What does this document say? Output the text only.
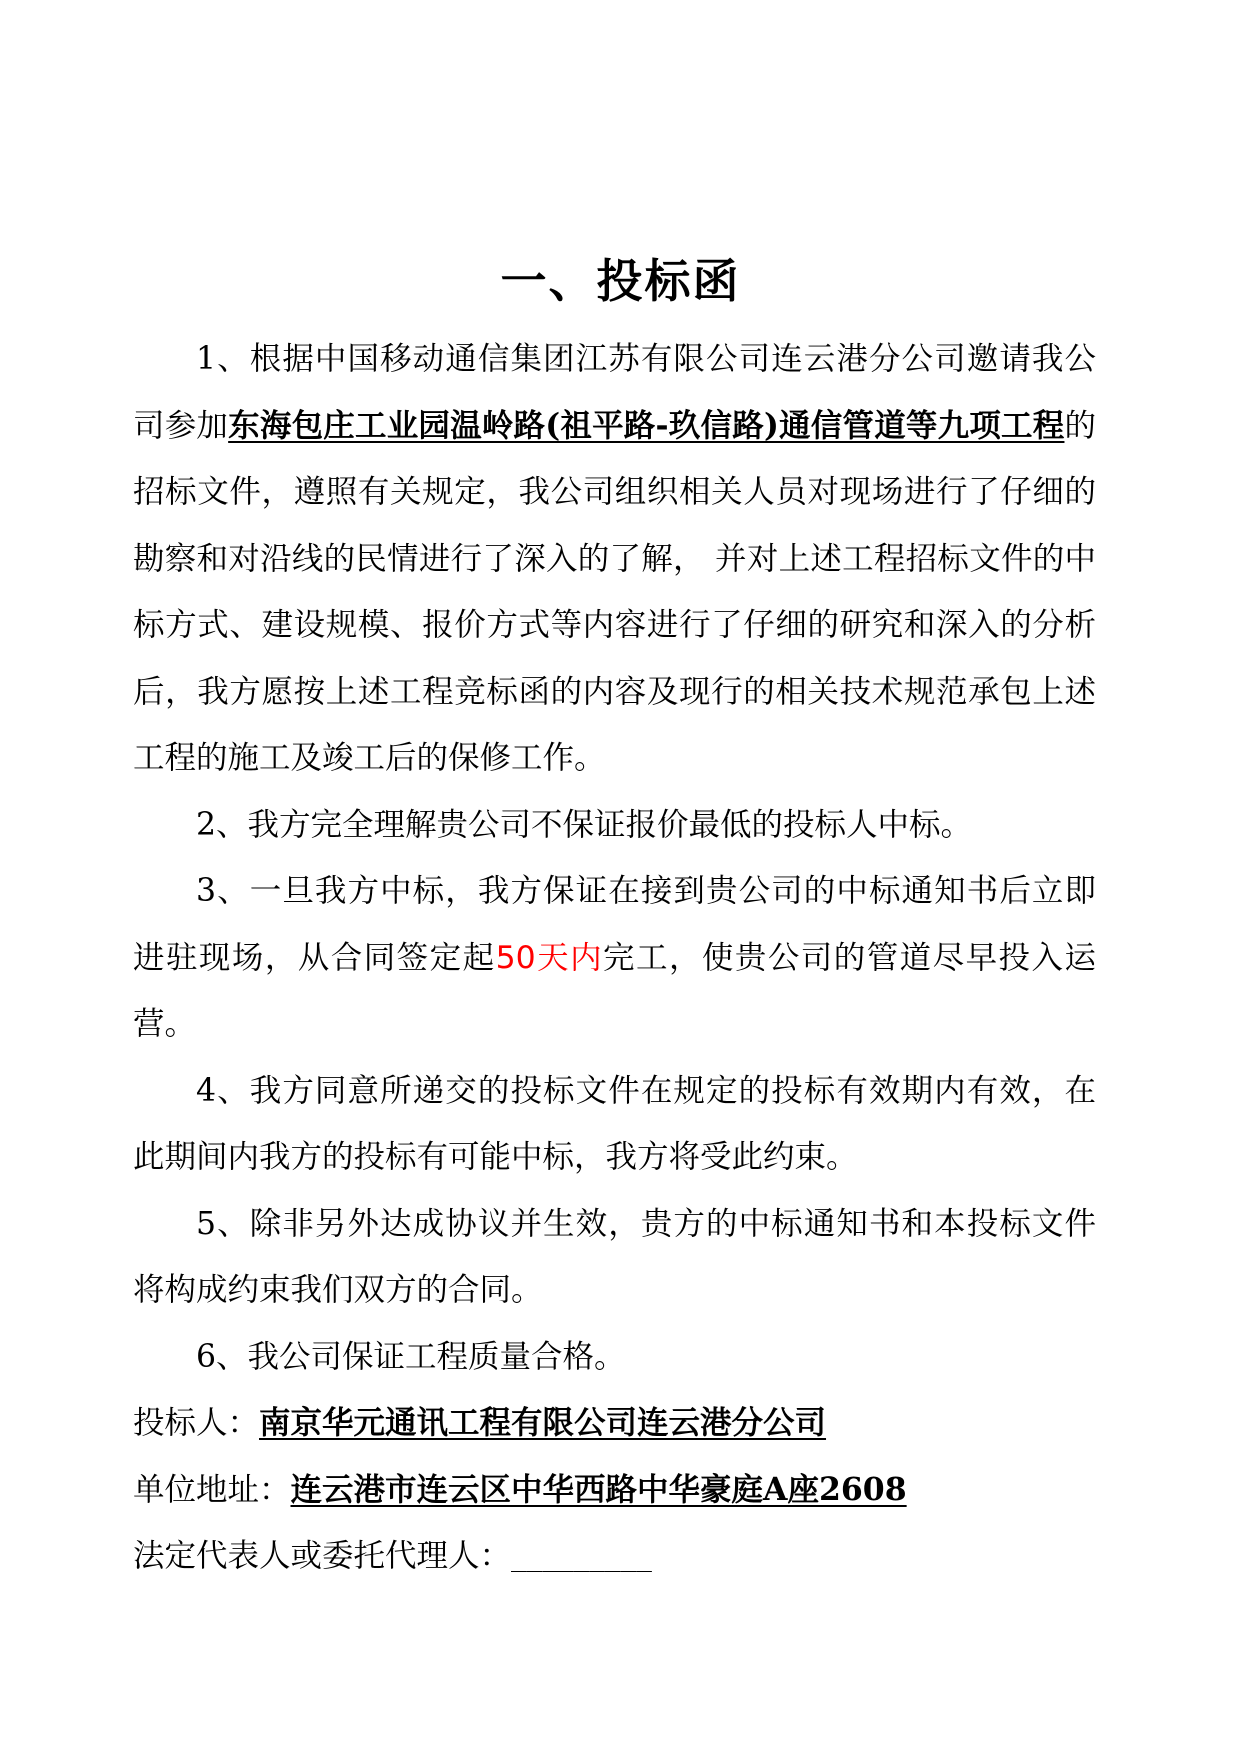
一、投标函

1、根据中国移动通信集团江苏有限公司连云港分公司邀请我公司参加东海包庄工业园温岭路(祖平路-玖信路)通信管道等九项工程的招标文件，遵照有关规定，我公司组织相关人员对现场进行了仔细的勘察和对沿线的民情进行了深入的了解， 并对上述工程招标文件的中标方式、建设规模、报价方式等内容进行了仔细的研究和深入的分析后，我方愿按上述工程竞标函的内容及现行的相关技术规范承包上述工程的施工及竣工后的保修工作。

2、我方完全理解贵公司不保证报价最低的投标人中标。

3、一旦我方中标，我方保证在接到贵公司的中标通知书后立即进驻现场，从合同签定起50天内完工，使贵公司的管道尽早投入运营。

4、我方同意所递交的投标文件在规定的投标有效期内有效，在此期间内我方的投标有可能中标，我方将受此约束。

5、除非另外达成协议并生效，贵方的中标通知书和本投标文件将构成约束我们双方的合同。

6、我公司保证工程质量合格。

投标人：南京华元通讯工程有限公司连云港分公司

单位地址：连云港市连云区中华西路中华豪庭A座2608

法定代表人或委托代理人：_________
